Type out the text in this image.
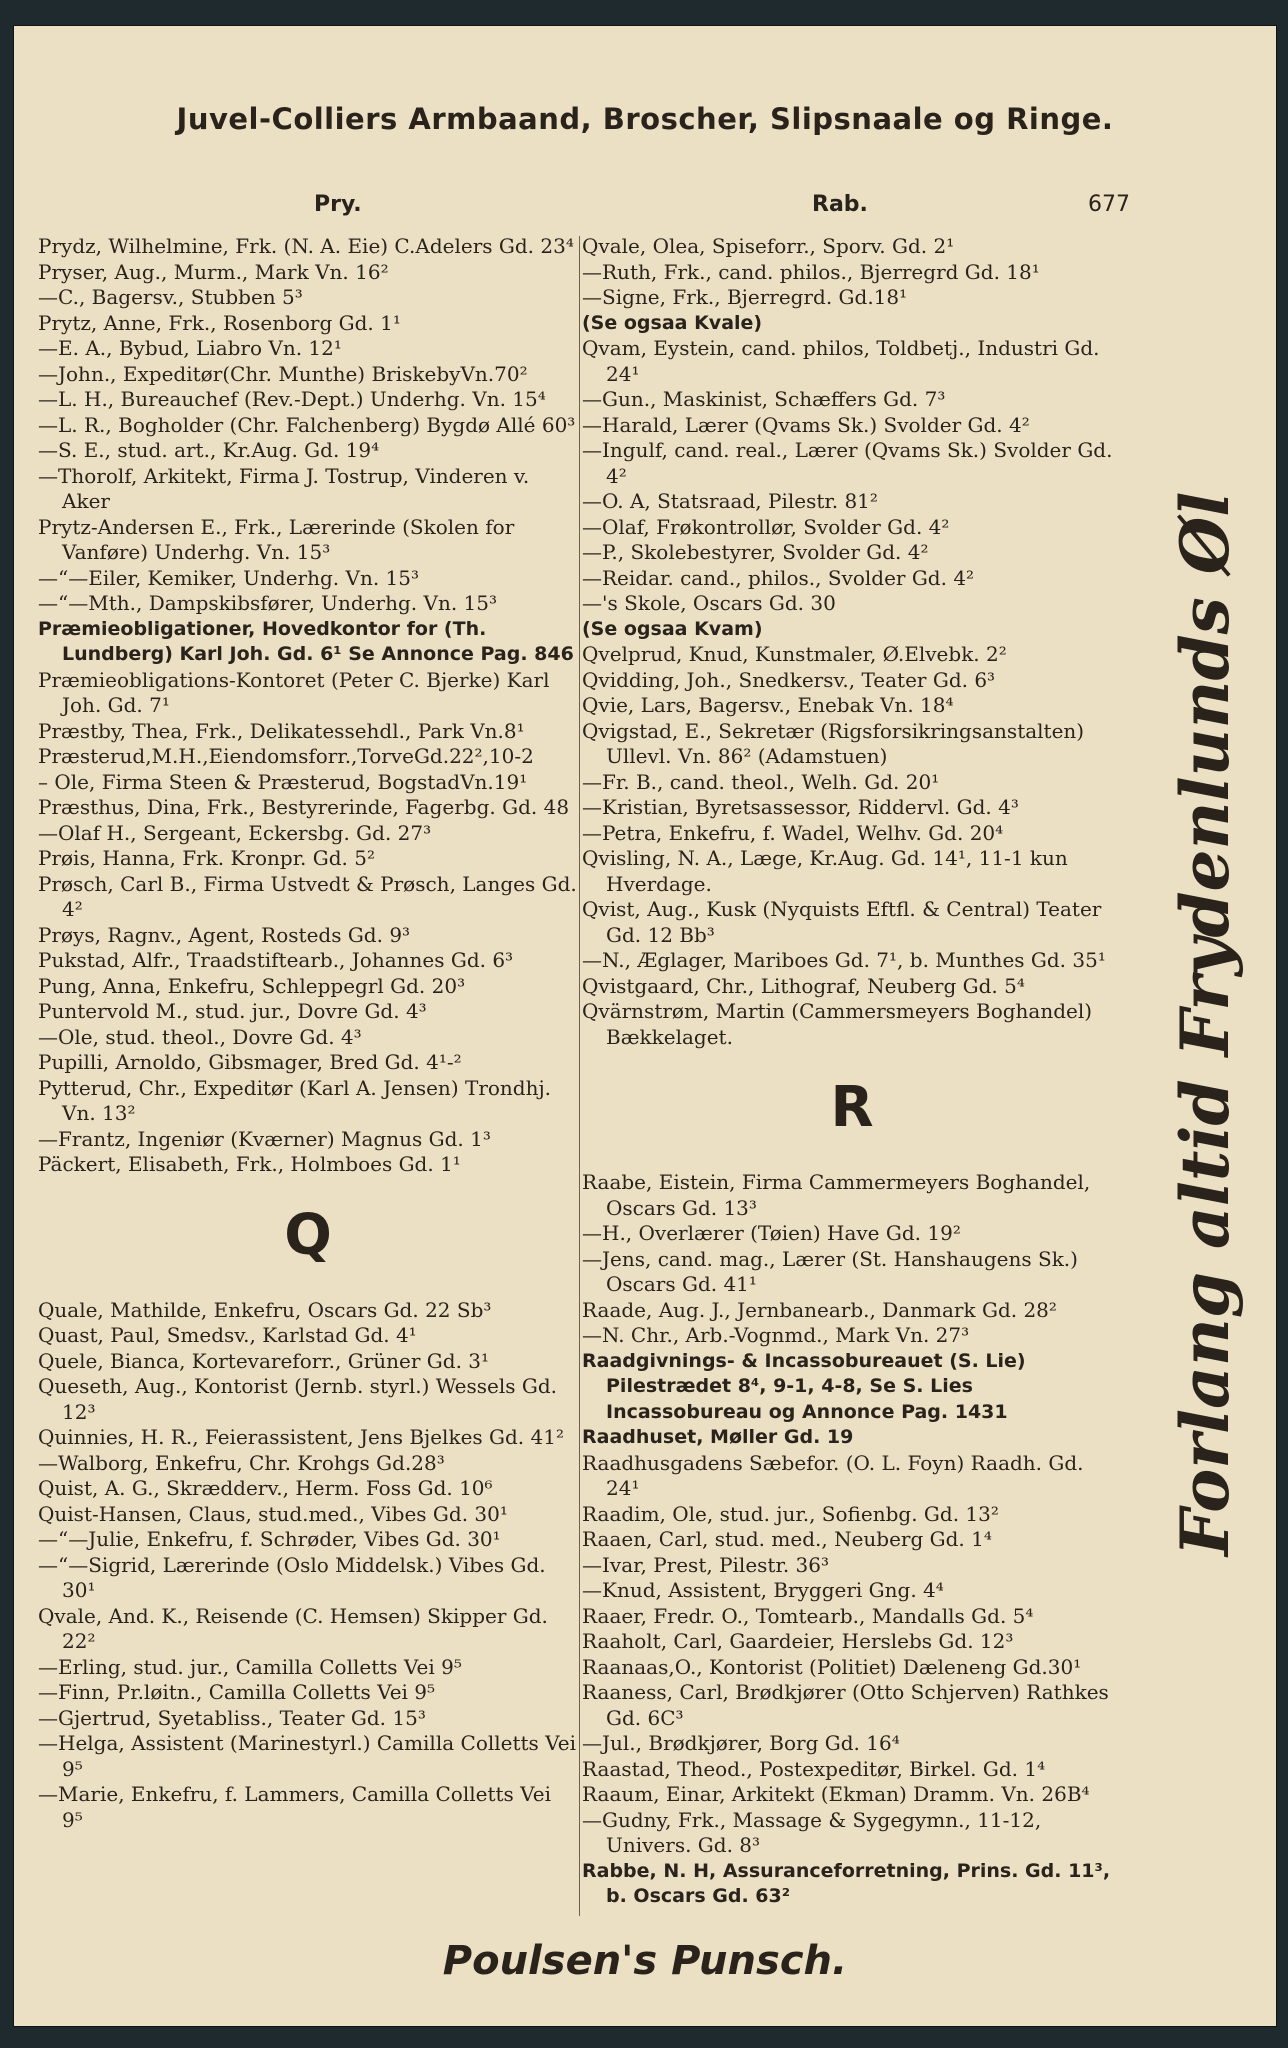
Juvel-Colliers Armbaand, Broscher, Slipsnaale og Ringe.
Pry.	Rab.	677
Prydz, Wilhelmine, Frk. (N. A. Eie) C.Adelers Gd. 23⁴
Pryser, Aug., Murm., Mark Vn. 16²
—C., Bagersv., Stubben 5³
Prytz, Anne, Frk., Rosenborg Gd. 1¹
—E. A., Bybud, Liabro Vn. 12¹
—John., Expeditør(Chr. Munthe) BriskebyVn.70²
—L. H., Bureauchef (Rev.-Dept.) Underhg. Vn. 15⁴
—L. R., Bogholder (Chr. Falchenberg) Bygdø Allé 60³
—S. E., stud. art., Kr.Aug. Gd. 19⁴
—Thorolf, Arkitekt, Firma J. Tostrup, Vinderen v. Aker
Prytz-Andersen E., Frk., Lærerinde (Skolen for Vanføre) Underhg. Vn. 15³
—“—Eiler, Kemiker, Underhg. Vn. 15³
—“—Mth., Dampskibsfører, Underhg. Vn. 15³
Præmieobligationer, Hovedkontor for (Th. Lundberg) Karl Joh. Gd. 6¹ Se Annonce Pag. 846
Præmieobligations-Kontoret (Peter C. Bjerke) Karl Joh. Gd. 7¹
Præstby, Thea, Frk., Delikatessehdl., Park Vn.8¹
Præsterud,M.H.,Eiendomsforr.,TorveGd.22²,10-2
– Ole, Firma Steen & Præsterud, BogstadVn.19¹
Præsthus, Dina, Frk., Bestyrerinde, Fagerbg. Gd. 48
—Olaf H., Sergeant, Eckersbg. Gd. 27³
Prøis, Hanna, Frk. Kronpr. Gd. 5²
Prøsch, Carl B., Firma Ustvedt & Prøsch, Langes Gd. 4²
Prøys, Ragnv., Agent, Rosteds Gd. 9³
Pukstad, Alfr., Traadstiftearb., Johannes Gd. 6³
Pung, Anna, Enkefru, Schleppegrl Gd. 20³
Puntervold M., stud. jur., Dovre Gd. 4³
—Ole, stud. theol., Dovre Gd. 4³
Pupilli, Arnoldo, Gibsmager, Bred Gd. 4¹-²
Pytterud, Chr., Expeditør (Karl A. Jensen) Trondhj. Vn. 13²
—Frantz, Ingeniør (Kværner) Magnus Gd. 1³
Päckert, Elisabeth, Frk., Holmboes Gd. 1¹
Q
Quale, Mathilde, Enkefru, Oscars Gd. 22 Sb³
Quast, Paul, Smedsv., Karlstad Gd. 4¹
Quele, Bianca, Kortevareforr., Grüner Gd. 3¹
Queseth, Aug., Kontorist (Jernb. styrl.) Wessels Gd. 12³
Quinnies, H. R., Feierassistent, Jens Bjelkes Gd. 41²
—Walborg, Enkefru, Chr. Krohgs Gd.28³
Quist, A. G., Skrædderv., Herm. Foss Gd. 10⁶
Quist-Hansen, Claus, stud.med., Vibes Gd. 30¹
—“—Julie, Enkefru, f. Schrøder, Vibes Gd. 30¹
—“—Sigrid, Lærerinde (Oslo Middelsk.) Vibes Gd. 30¹
Qvale, And. K., Reisende (C. Hemsen) Skipper Gd. 22²
—Erling, stud. jur., Camilla Colletts Vei 9⁵
—Finn, Pr.løitn., Camilla Colletts Vei 9⁵
—Gjertrud, Syetabliss., Teater Gd. 15³
—Helga, Assistent (Marinestyrl.) Camilla Colletts Vei 9⁵
—Marie, Enkefru, f. Lammers, Camilla Colletts Vei 9⁵
Qvale, Olea, Spiseforr., Sporv. Gd. 2¹
—Ruth, Frk., cand. philos., Bjerregrd Gd. 18¹
—Signe, Frk., Bjerregrd. Gd.18¹
(Se ogsaa Kvale)
Qvam, Eystein, cand. philos, Toldbetj., Industri Gd. 24¹
—Gun., Maskinist, Schæffers Gd. 7³
—Harald, Lærer (Qvams Sk.) Svolder Gd. 4²
—Ingulf, cand. real., Lærer (Qvams Sk.) Svolder Gd. 4²
—O. A, Statsraad, Pilestr. 81²
—Olaf, Frøkontrollør, Svolder Gd. 4²
—P., Skolebestyrer, Svolder Gd. 4²
—Reidar. cand., philos., Svolder Gd. 4²
—'s Skole, Oscars Gd. 30
(Se ogsaa Kvam)
Qvelprud, Knud, Kunstmaler, Ø.Elvebk. 2²
Qvidding, Joh., Snedkersv., Teater Gd. 6³
Qvie, Lars, Bagersv., Enebak Vn. 18⁴
Qvigstad, E., Sekretær (Rigsforsikringsanstalten) Ullevl. Vn. 86² (Adamstuen)
—Fr. B., cand. theol., Welh. Gd. 20¹
—Kristian, Byretsassessor, Riddervl. Gd. 4³
—Petra, Enkefru, f. Wadel, Welhv. Gd. 20⁴
Qvisling, N. A., Læge, Kr.Aug. Gd. 14¹, 11-1 kun Hverdage.
Qvist, Aug., Kusk (Nyquists Eftfl. & Central) Teater Gd. 12 Bb³
—N., Æglager, Mariboes Gd. 7¹, b. Munthes Gd. 35¹
Qvistgaard, Chr., Lithograf, Neuberg Gd. 5⁴
Qvärnstrøm, Martin (Cammersmeyers Boghandel) Bækkelaget.
R
Raabe, Eistein, Firma Cammermeyers Boghandel, Oscars Gd. 13³
—H., Overlærer (Tøien) Have Gd. 19²
—Jens, cand. mag., Lærer (St. Hanshaugens Sk.) Oscars Gd. 41¹
Raade, Aug. J., Jernbanearb., Danmark Gd. 28²
—N. Chr., Arb.-Vognmd., Mark Vn. 27³
Raadgivnings- & Incassobureauet (S. Lie) Pilestrædet 8⁴, 9-1, 4-8, Se S. Lies Incassobureau og Annonce Pag. 1431
Raadhuset, Møller Gd. 19
Raadhusgadens Sæbefor. (O. L. Foyn) Raadh. Gd. 24¹
Raadim, Ole, stud. jur., Sofienbg. Gd. 13²
Raaen, Carl, stud. med., Neuberg Gd. 1⁴
—Ivar, Prest, Pilestr. 36³
—Knud, Assistent, Bryggeri Gng. 4⁴
Raaer, Fredr. O., Tomtearb., Mandalls Gd. 5⁴
Raaholt, Carl, Gaardeier, Herslebs Gd. 12³
Raanaas,O., Kontorist (Politiet) Dæleneng Gd.30¹
Raaness, Carl, Brødkjører (Otto Schjerven) Rathkes Gd. 6C³
—Jul., Brødkjører, Borg Gd. 16⁴
Raastad, Theod., Postexpeditør, Birkel. Gd. 1⁴
Raaum, Einar, Arkitekt (Ekman) Dramm. Vn. 26B⁴
—Gudny, Frk., Massage & Sygegymn., 11-12, Univers. Gd. 8³
Rabbe, N. H, Assuranceforretning, Prins. Gd. 11³, b. Oscars Gd. 63²
Forlang altid Frydenlunds Øl
Poulsen's Punsch.
